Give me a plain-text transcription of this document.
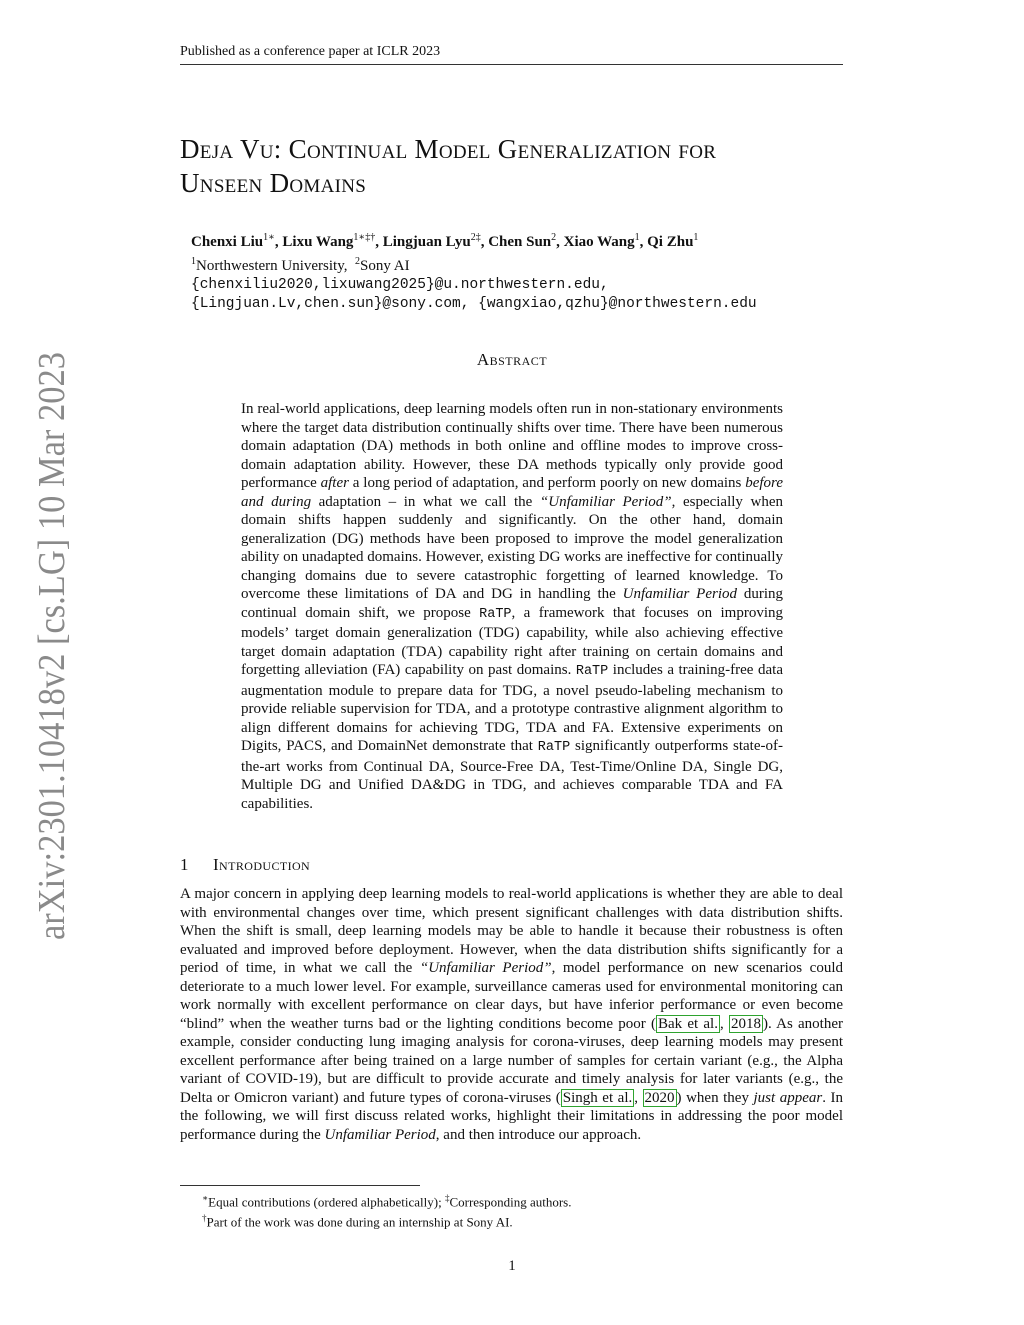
Published as a conference paper at ICLR 2023
arXiv:2301.10418v2 [cs.LG] 10 Mar 2023
Deja Vu: Continual Model Generalization for
Unseen Domains
Chenxi Liu$^{1∗}$, Lixu Wang$^{1∗\ddagger\dagger}$, Lingjuan Lyu$^{2\ddagger}$, Chen Sun$^2$, Xiao Wang$^1$, Qi Zhu$^1$
$^1$Northwestern University, $^2$Sony AI
{chenxiliu2020,lixuwang2025}@u.northwestern.edu,
{Lingjuan.Lv,chen.sun}@sony.com, {wangxiao,qzhu}@northwestern.edu
Abstract
In real-world applications, deep learning models often run in non-stationary environments where the target data distribution continually shifts over time. There have been numerous domain adaptation (DA) methods in both online and offline modes to improve cross-domain adaptation ability. However, these DA methods typically only provide good performance after a long period of adaptation, and perform poorly on new domains before and during adaptation – in what we call the “Unfamiliar Period”, especially when domain shifts happen suddenly and significantly. On the other hand, domain generalization (DG) methods have been proposed to improve the model generalization ability on unadapted domains. However, existing DG works are ineffective for continually changing domains due to severe catastrophic forgetting of learned knowledge. To overcome these limitations of DA and DG in handling the Unfamiliar Period during continual domain shift, we propose RaTP, a framework that focuses on improving models’ target domain generalization (TDG) capability, while also achieving effective target domain adaptation (TDA) capability right after training on certain domains and forgetting alleviation (FA) capability on past domains. RaTP includes a training-free data augmentation module to prepare data for TDG, a novel pseudo-labeling mechanism to provide reliable supervision for TDA, and a prototype contrastive alignment algorithm to align different domains for achieving TDG, TDA and FA. Extensive experiments on Digits, PACS, and DomainNet demonstrate that RaTP significantly outperforms state-of-the-art works from Continual DA, Source-Free DA, Test-Time/Online DA, Single DG, Multiple DG and Unified DA&DG in TDG, and achieves comparable TDA and FA capabilities.
1 Introduction
A major concern in applying deep learning models to real-world applications is whether they are able to deal with environmental changes over time, which present significant challenges with data distribution shifts. When the shift is small, deep learning models may be able to handle it because their robustness is often evaluated and improved before deployment. However, when the data distribution shifts significantly for a period of time, in what we call the “Unfamiliar Period”, model performance on new scenarios could deteriorate to a much lower level. For example, surveillance cameras used for environmental monitoring can work normally with excellent performance on clear days, but have inferior performance or even become “blind” when the weather turns bad or the lighting conditions become poor ( Bak et al. , 2018 ). As another example, consider conducting lung imaging analysis for corona-viruses, deep learning models may present excellent performance after being trained on a large number of samples for certain variant (e.g., the Alpha variant of COVID-19), but are difficult to provide accurate and timely analysis for later variants (e.g., the Delta or Omicron variant) and future types of corona-viruses ( Singh et al. , 2020 ) when they just appear. In the following, we will first discuss related works, highlight their limitations in addressing the poor model performance during the Unfamiliar Period, and then introduce our approach.
∗Equal contributions (ordered alphabetically); ‡Corresponding authors.
†Part of the work was done during an internship at Sony AI.
1
